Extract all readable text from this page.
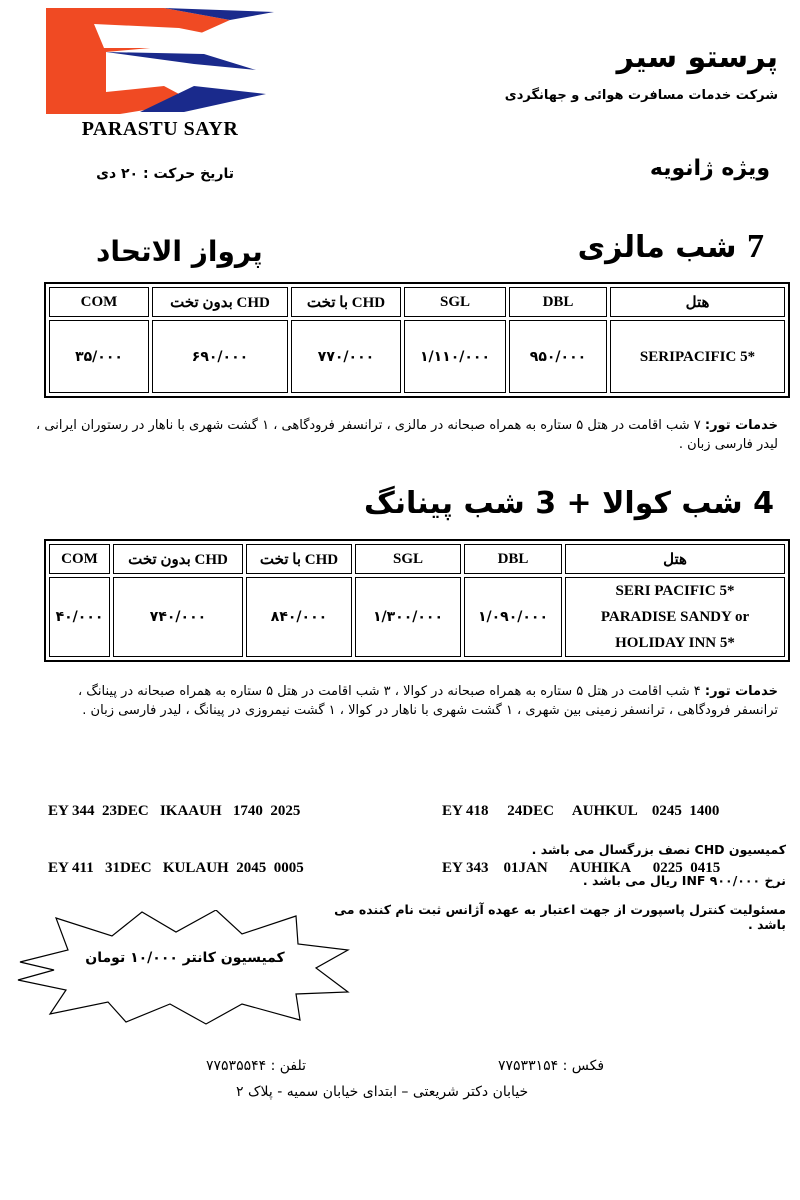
PARASTU SAYR
پرستو سیر
شرکت خدمات مسافرت هوائی و جهانگردی
تاریخ حرکت : ۲۰ دی	ویژه ژانویه
7 شب مالزی
پرواز الاتحاد
هتل	DBL	SGL	CHD با تخت	CHD بدون تخت	COM

SERIPACIFIC 5*	۹۵۰/۰۰۰	۱/۱۱۰/۰۰۰	۷۷۰/۰۰۰	۶۹۰/۰۰۰	۳۵/۰۰۰
خدمات تور: ۷ شب اقامت در هتل ۵ ستاره به همراه صبحانه در مالزی ، ترانسفر فرودگاهی ، ۱ گشت شهری با ناهار در رستوران ایرانی ، لیدر فارسی زبان .
4 شب کوالا + 3 شب پینانگ
هتل	DBL	SGL	CHD با تخت	CHD بدون تخت	COM

SERI PACIFIC 5*
PARADISE SANDY or
HOLIDAY INN 5*	۱/۰۹۰/۰۰۰	۱/۳۰۰/۰۰۰	۸۴۰/۰۰۰	۷۴۰/۰۰۰	۴۰/۰۰۰
خدمات تور: ۴ شب اقامت در هتل ۵ ستاره به همراه صبحانه در کوالا ، ۳ شب اقامت در هتل ۵ ستاره به همراه صبحانه در پینانگ ، ترانسفر فرودگاهی ، ترانسفر زمینی بین شهری ، ۱ گشت شهری با ناهار در کوالا ، ۱ گشت نیمروزی در پینانگ ، لیدر فارسی زبان .

EY 344  23DEC   IKAAUH   1740  2025

EY 411   31DEC   KULAUH  2045  0005

EY 418     24DEC     AUHKUL    0245  1400

EY 343    01JAN      AUHIKA      0225  0415

کمیسیون CHD نصف بزرگسال می باشد .
نرخ INF ۹۰۰/۰۰۰ ریال می باشد .
مسئولیت کنترل پاسپورت از جهت اعتبار به عهده آژانس ثبت نام کننده می باشد .
کمیسیون کانتر ۱۰/۰۰۰ تومان
فکس : ۷۷۵۳۳۱۵۴
تلفن : ۷۷۵۳۵۵۴۴
خیابان دکتر شریعتی – ابتدای خیابان سمیه - پلاک ۲
